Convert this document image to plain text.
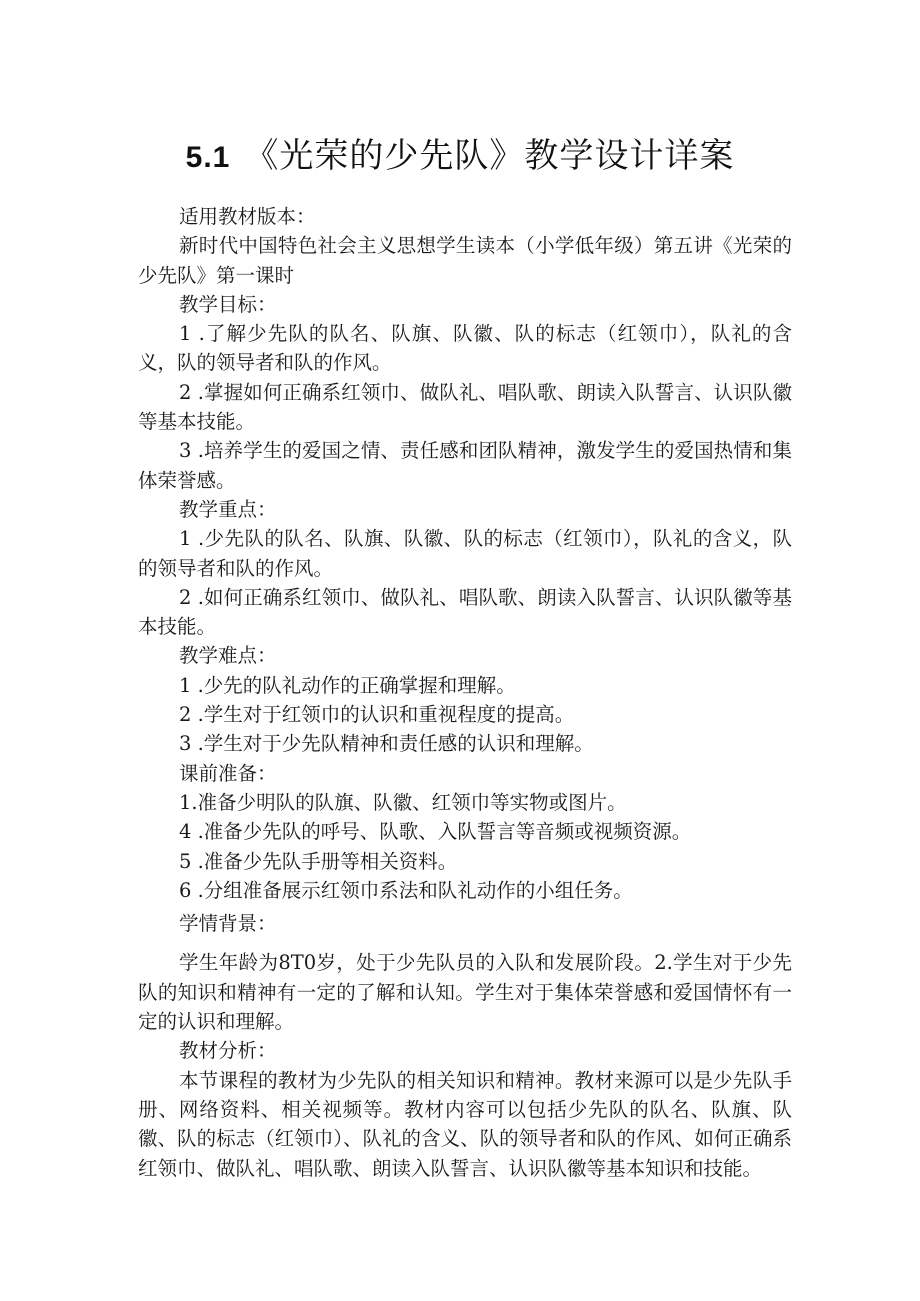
5.1 《光荣的少先队》教学设计详案

适用教材版本：

新时代中国特色社会主义思想学生读本（小学低年级）第五讲《光荣的少先队》第一课时

教学目标：

1 .了解少先队的队名、队旗、队徽、队的标志（红领巾），队礼的含义，队的领导者和队的作风。

2 .掌握如何正确系红领巾、做队礼、唱队歌、朗读入队誓言、认识队徽等基本技能。

3 .培养学生的爱国之情、责任感和团队精神，激发学生的爱国热情和集体荣誉感。

教学重点：

1 .少先队的队名、队旗、队徽、队的标志（红领巾），队礼的含义，队的领导者和队的作风。

2 .如何正确系红领巾、做队礼、唱队歌、朗读入队誓言、认识队徽等基本技能。

教学难点：

1 .少先的队礼动作的正确掌握和理解。

2 .学生对于红领巾的认识和重视程度的提高。

3 .学生对于少先队精神和责任感的认识和理解。

课前准备：

1.准备少明队的队旗、队徽、红领巾等实物或图片。

4 .准备少先队的呼号、队歌、入队誓言等音频或视频资源。

5 .准备少先队手册等相关资料。

6 .分组准备展示红领巾系法和队礼动作的小组任务。

学情背景：

学生年龄为8T0岁，处于少先队员的入队和发展阶段。2.学生对于少先队的知识和精神有一定的了解和认知。学生对于集体荣誉感和爱国情怀有一定的认识和理解。

教材分析：

本节课程的教材为少先队的相关知识和精神。教材来源可以是少先队手册、网络资料、相关视频等。教材内容可以包括少先队的队名、队旗、队徽、队的标志（红领巾）、队礼的含义、队的领导者和队的作风、如何正确系红领巾、做队礼、唱队歌、朗读入队誓言、认识队徽等基本知识和技能。
